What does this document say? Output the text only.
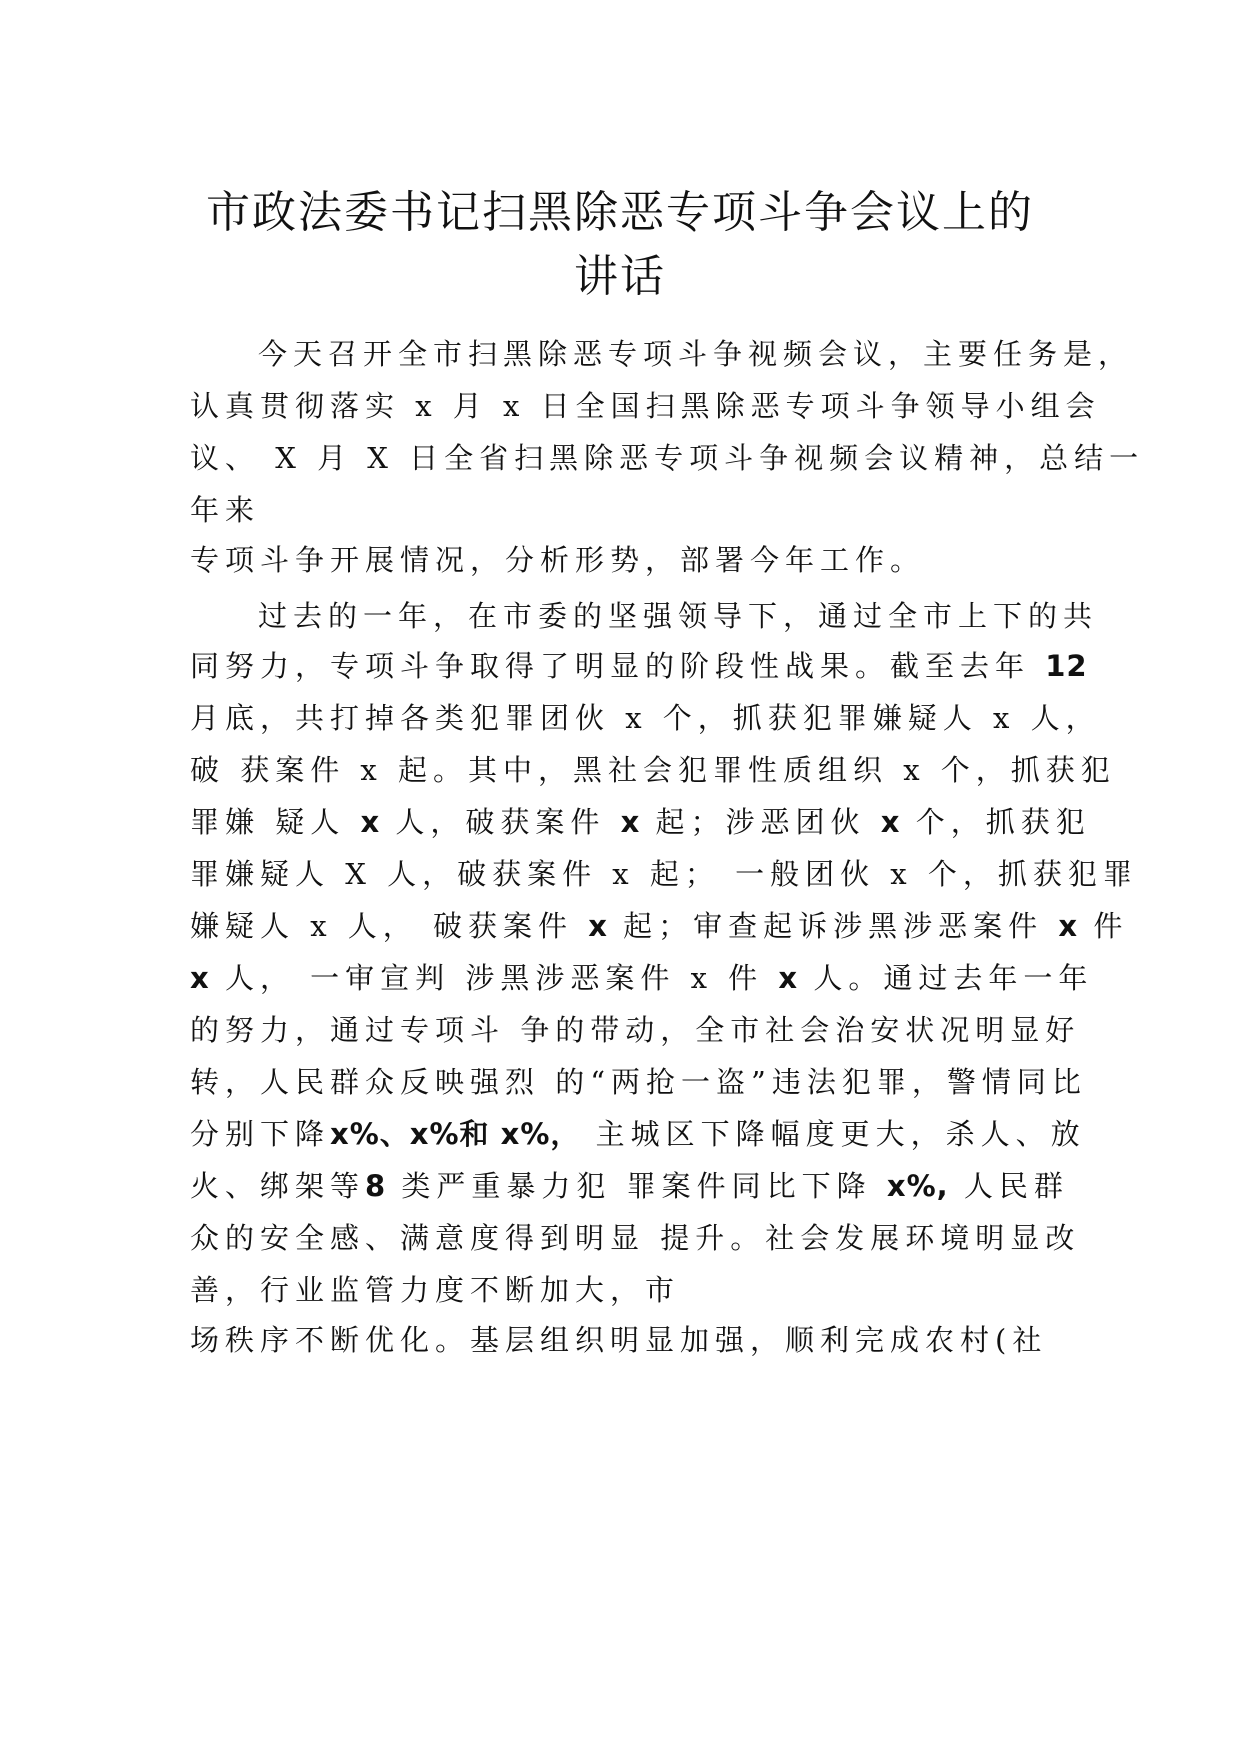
市政法委书记扫黑除恶专项斗争会议上的
讲话

今天召开全市扫黑除恶专项斗争视频会议，主要任务是，

认真贯彻落实 x 月 x 日全国扫黑除恶专项斗争领导小组会

议、 X 月 X 日全省扫黑除恶专项斗争视频会议精神，总结一

年来

专项斗争开展情况，分析形势，部署今年工作。

过去的一年，在市委的坚强领导下，通过全市上下的共

同努力，专项斗争取得了明显的阶段性战果。截至去年 12

月底，共打掉各类犯罪团伙 x 个，抓获犯罪嫌疑人 x 人，

破 获案件 x 起。其中，黑社会犯罪性质组织 x 个，抓获犯

罪嫌 疑人 x 人，破获案件 x 起；涉恶团伙 x 个，抓获犯

罪嫌疑人 X 人，破获案件 x 起； 一般团伙 x 个，抓获犯罪

嫌疑人 x 人， 破获案件 x 起；审查起诉涉黑涉恶案件 x 件

x 人， 一审宣判 涉黑涉恶案件 x 件 x 人。通过去年一年

的努力，通过专项斗 争的带动，全市社会治安状况明显好

转，人民群众反映强烈 的“两抢一盗”违法犯罪，警情同比

分别下降x%、x%和 x%， 主城区下降幅度更大，杀人、放

火、绑架等8 类严重暴力犯 罪案件同比下降 x%, 人民群

众的安全感、满意度得到明显 提升。社会发展环境明显改

善，行业监管力度不断加大，市

场秩序不断优化。基层组织明显加强，顺利完成农村(社
